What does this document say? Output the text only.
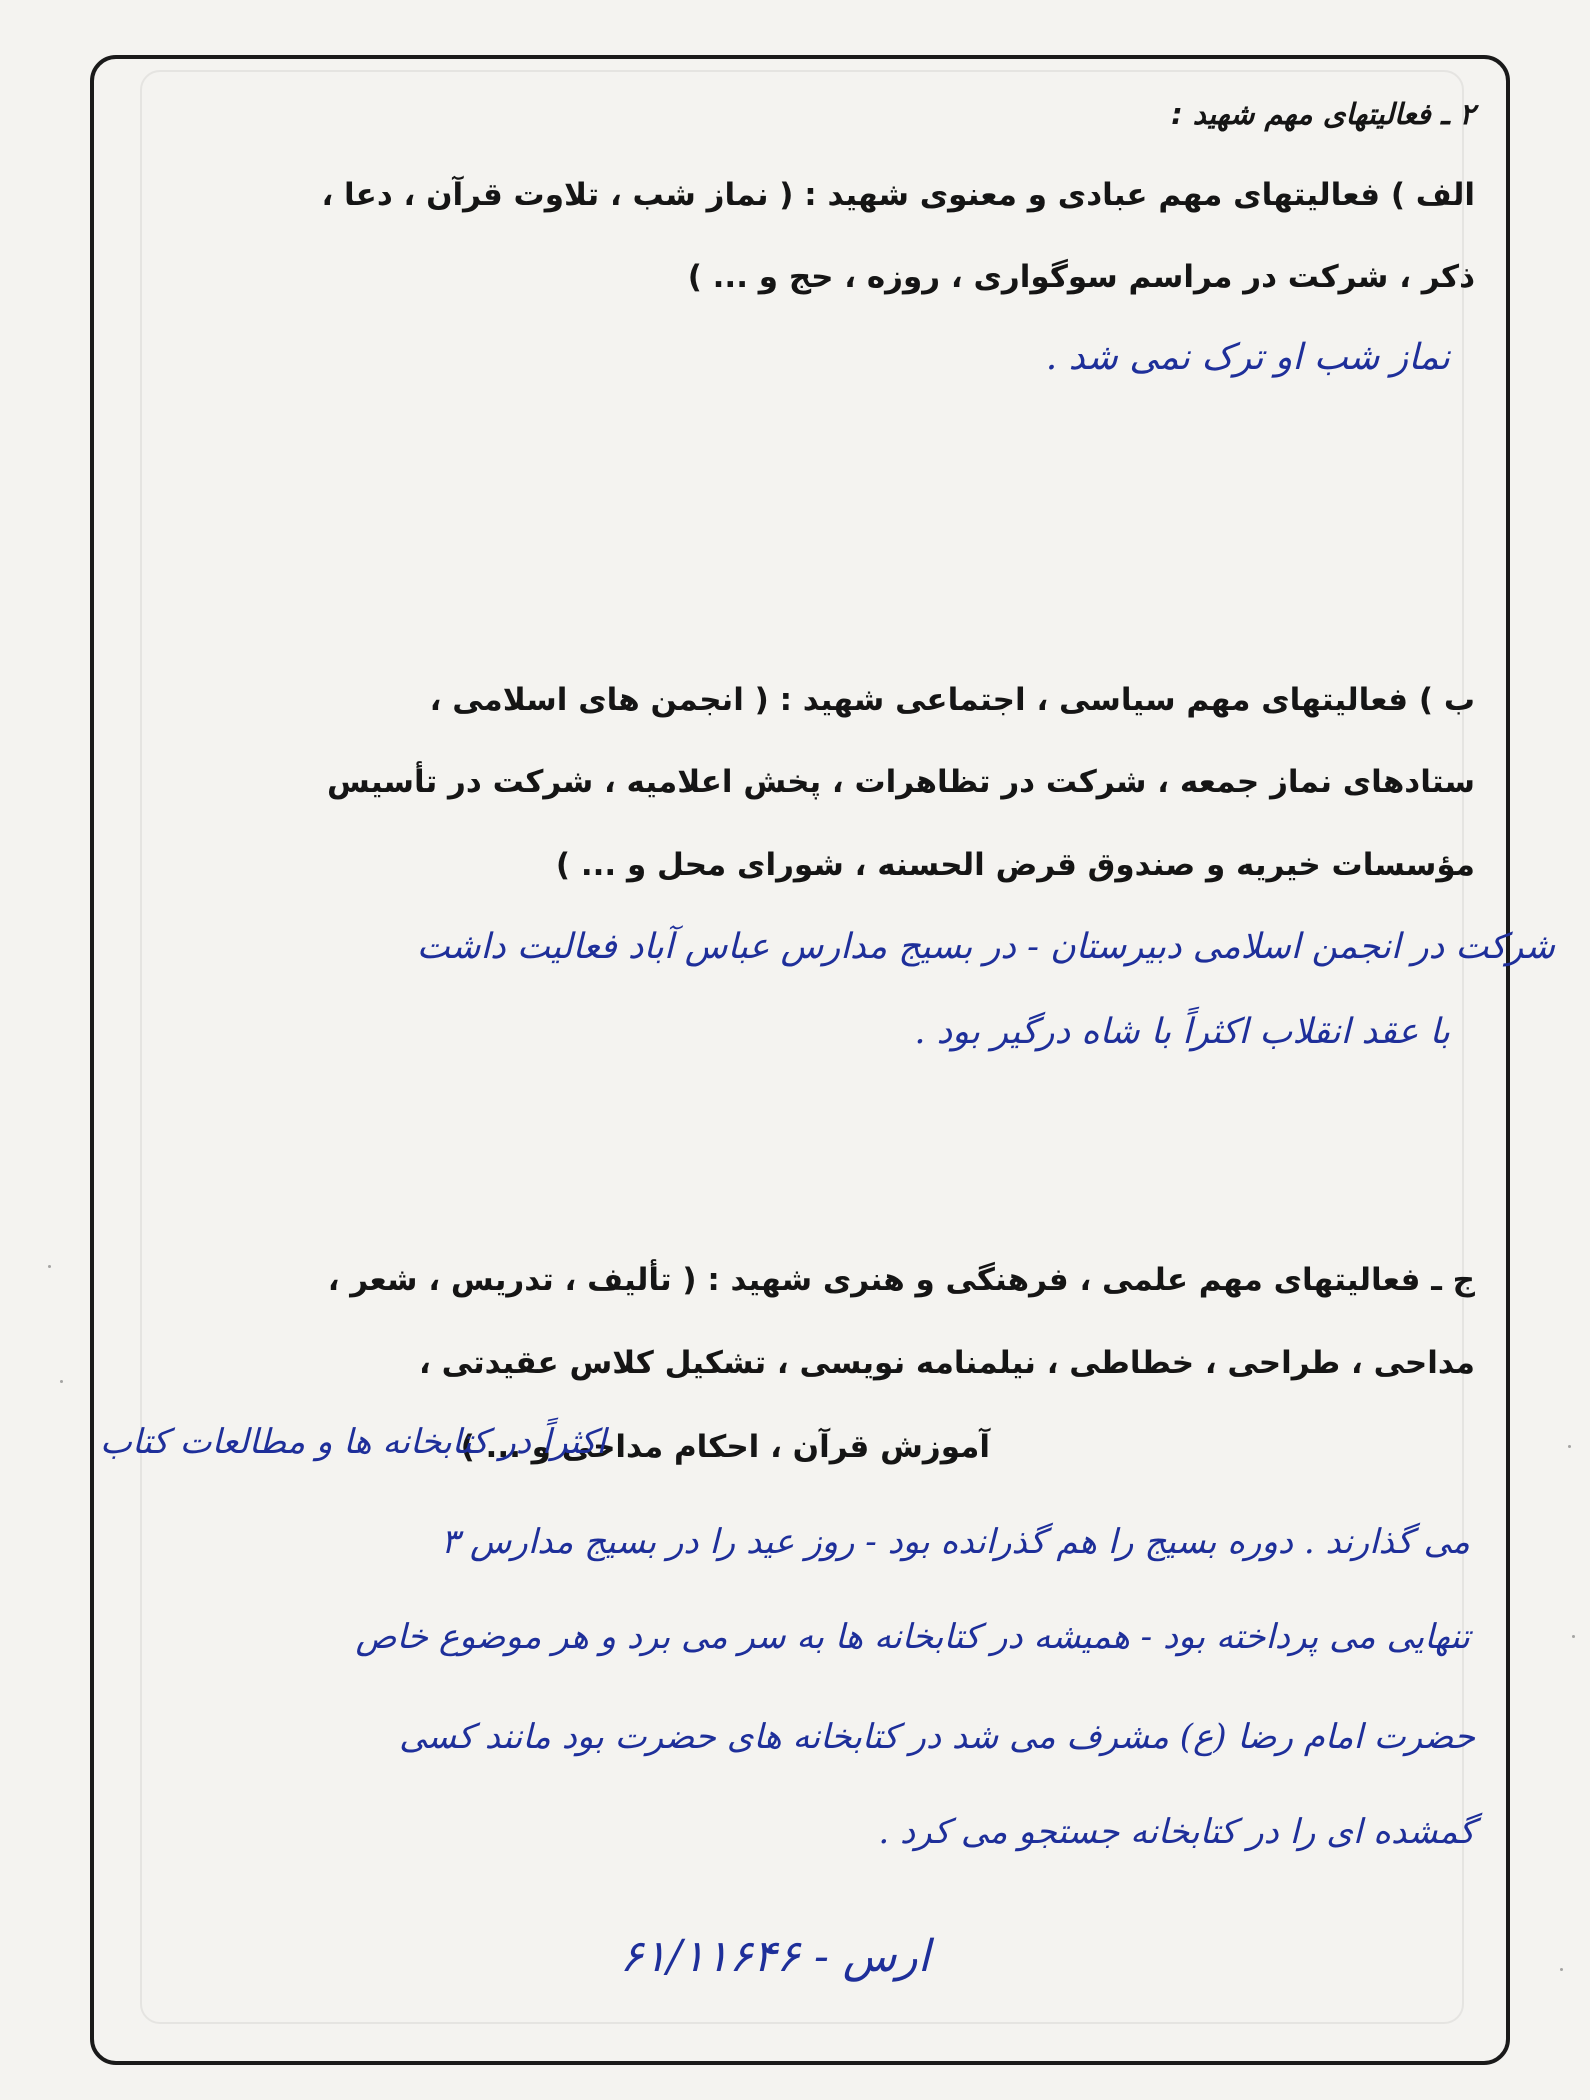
۲ ـ فعالیتهای مهم شهید :
الف ) فعالیتهای مهم عبادی و معنوی شهید : ( نماز شب ، تلاوت قرآن ، دعا ،
ذکر ، شرکت در مراسم سوگواری ، روزه ، حج و ... )
نماز شب او ترک نمی شد .
ب ) فعالیتهای مهم سیاسی ، اجتماعی شهید : ( انجمن های اسلامی ،
ستادهای نماز جمعه ، شرکت در تظاهرات ، پخش اعلامیه ، شرکت در تأسیس
مؤسسات خیریه و صندوق قرض الحسنه ، شورای محل و ... )
شرکت در انجمن اسلامی دبیرستان - در بسیج مدارس عباس آباد فعالیت داشت
با عقد انقلاب اکثراً با شاه درگیر بود .
ج ـ فعالیتهای مهم علمی ، فرهنگی و هنری شهید : ( تألیف ، تدریس ، شعر ،
مداحی ، طراحی ، خطاطی ، نیلمنامه نویسی ، تشکیل کلاس عقیدتی ،
آموزش قرآن ، احکام مداحی و ... )
اکثراً در کتابخانه ها و مطالعات کتاب
می گذارند . دوره بسیج را هم گذرانده بود - روز عید را در بسیج مدارس ۳
تنهایی می پرداخته بود - همیشه در کتابخانه ها به سر می برد و هر موضوع خاص
حضرت امام رضا (ع) مشرف می شد در کتابخانه های حضرت بود مانند کسی
گمشده ای را در کتابخانه جستجو می کرد .
ارس - ۶۱/۱۱۶۴۶
